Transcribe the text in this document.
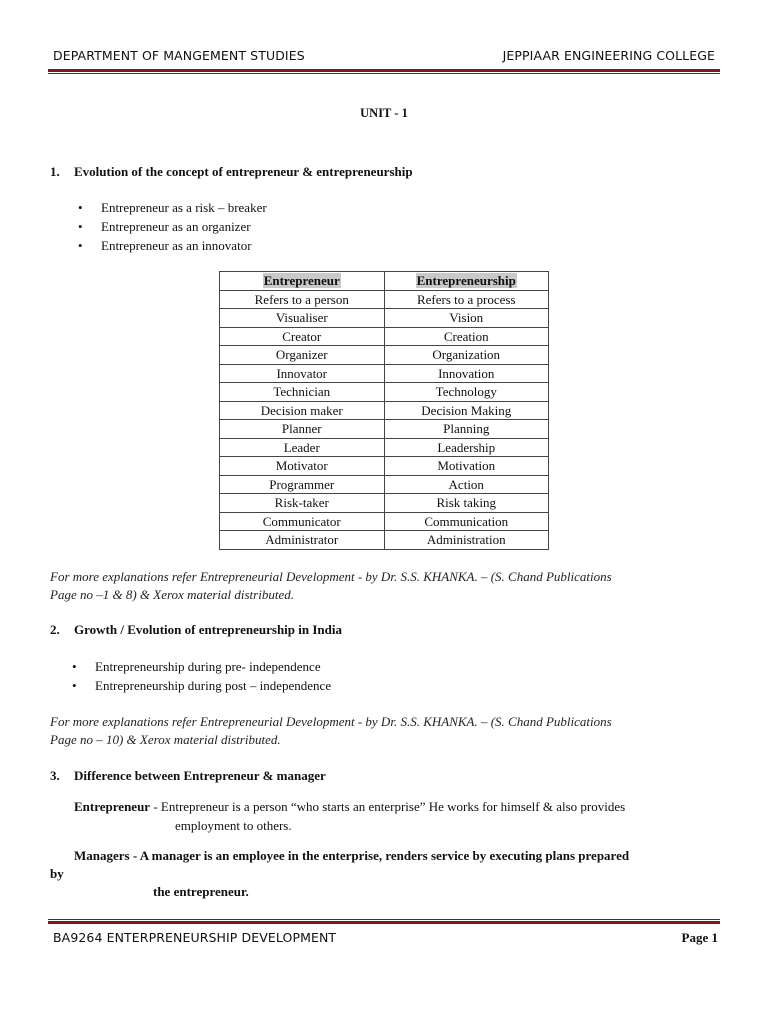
DEPARTMENT OF MANGEMENT STUDIES	JEPPIAAR ENGINEERING COLLEGE
UNIT - 1
1. Evolution of the concept of entrepreneur & entrepreneurship
• Entrepreneur as a risk – breaker
• Entrepreneur as an organizer
• Entrepreneur as an innovator
Entrepreneur	Entrepreneurship
Refers to a person	Refers to a process
Visualiser	Vision
Creator	Creation
Organizer	Organization
Innovator	Innovation
Technician	Technology
Decision maker	Decision Making
Planner	Planning
Leader	Leadership
Motivator	Motivation
Programmer	Action
Risk-taker	Risk taking
Communicator	Communication
Administrator	Administration
For more explanations refer Entrepreneurial Development - by Dr. S.S. KHANKA. – (S. Chand Publications
Page no –1 & 8) & Xerox material distributed.
2. Growth / Evolution of entrepreneurship in India
• Entrepreneurship during pre- independence
• Entrepreneurship during post – independence
For more explanations refer Entrepreneurial Development - by Dr. S.S. KHANKA. – (S. Chand Publications
Page no – 10) & Xerox material distributed.
3. Difference between Entrepreneur & manager
Entrepreneur - Entrepreneur is a person “who starts an enterprise” He works for himself & also provides
employment to others.
Managers - A manager is an employee in the enterprise, renders service by executing plans prepared
by
the entrepreneur.
BA9264 ENTERPRENEURSHIP DEVELOPMENT	Page 1
